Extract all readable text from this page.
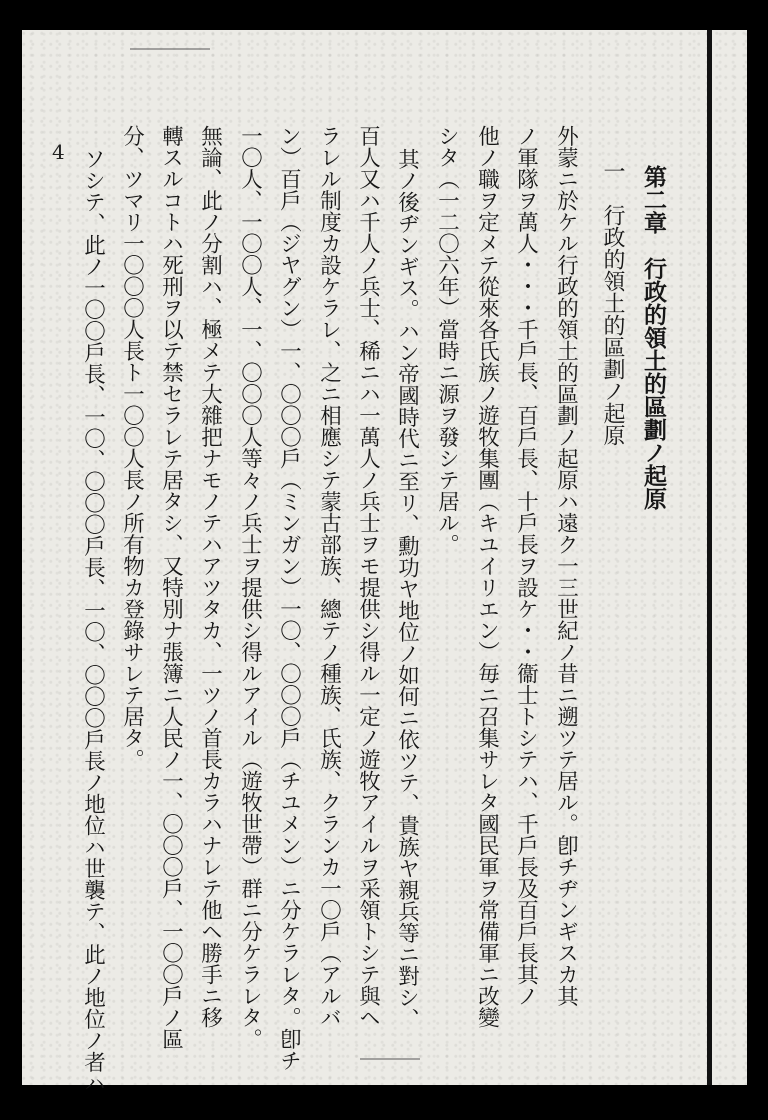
4
第二章　行政的領土的區劃ノ起原
一　行政的領土的區劃ノ起原
外蒙ニ於ケル行政的領土的區劃ノ起原ハ遠ク一三世紀ノ昔ニ遡ツテ居ル。卽チヂンギスカ其
ノ軍隊ヲ萬人・・・千戶長、百戶長、十戶長ヲ設ケ・・衞士トシテハ、千戶長及百戶長其ノ
他ノ職ヲ定メテ從來各氏族ノ遊牧集團（キユイリエン）毎ニ召集サレタ國民軍ヲ常備軍ニ改變
シタ（一二〇六年）當時ニ源ヲ發シテ居ル。
其ノ後ヂンギス。ハン帝國時代ニ至リ、勳功ヤ地位ノ如何ニ依ツテ、貴族ヤ親兵等ニ對シ、
百人又ハ千人ノ兵士、稀ニハ一萬人ノ兵士ヲモ提供シ得ル一定ノ遊牧アイルヲ采領トシテ與ヘ
ラレル制度カ設ケラレ、之ニ相應シテ蒙古部族、總テノ種族、氏族、クランカ一〇戶（アルバ
ン）百戶（ジヤグン）一、〇〇〇戶（ミンガン）一〇、〇〇〇戶（チユメン）ニ分ケラレタ。卽チ
一〇人、一〇〇人、一、〇〇〇人等々ノ兵士ヲ提供シ得ルアイル（遊牧世帶）群ニ分ケラレタ。
無論、此ノ分割ハ、極メテ大雜把ナモノテハアツタカ、一ツノ首長カラハナレテ他ヘ勝手ニ移
轉スルコトハ死刑ヲ以テ禁セラレテ居タシ、又特別ナ張簿ニ人民ノ一、〇〇〇戶、一〇〇戶ノ區
分、ツマリ一〇〇〇人長ト一〇〇人長ノ所有物カ登錄サレテ居タ。
ソシテ、此ノ一〇〇戶長、一〇、〇〇〇戶長、一〇、〇〇〇戶長ノ地位ハ世襲テ、此ノ地位ノ者ハ
